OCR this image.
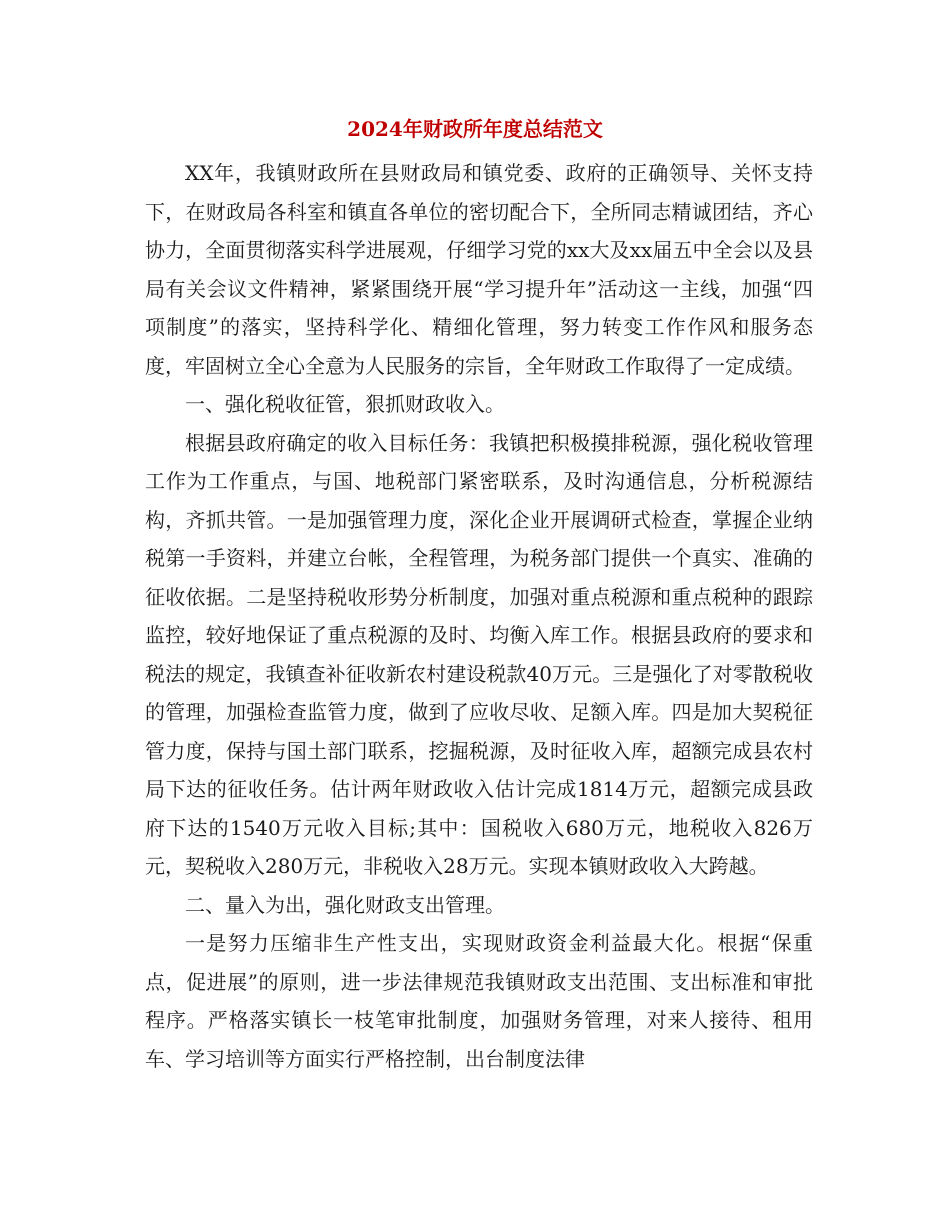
2024年财政所年度总结范文

XX年，我镇财政所在县财政局和镇党委、政府的正确领导、关怀支持下，在财政局各科室和镇直各单位的密切配合下，全所同志精诚团结，齐心协力，全面贯彻落实科学进展观，仔细学习党的xx大及xx届五中全会以及县局有关会议文件精神，紧紧围绕开展“学习提升年”活动这一主线，加强“四项制度”的落实，坚持科学化、精细化管理，努力转变工作作风和服务态度，牢固树立全心全意为人民服务的宗旨，全年财政工作取得了一定成绩。

一、强化税收征管，狠抓财政收入。

根据县政府确定的收入目标任务：我镇把积极摸排税源，强化税收管理工作为工作重点，与国、地税部门紧密联系，及时沟通信息，分析税源结构，齐抓共管。一是加强管理力度，深化企业开展调研式检查，掌握企业纳税第一手资料，并建立台帐，全程管理，为税务部门提供一个真实、准确的征收依据。二是坚持税收形势分析制度，加强对重点税源和重点税种的跟踪监控，较好地保证了重点税源的及时、均衡入库工作。根据县政府的要求和税法的规定，我镇查补征收新农村建设税款40万元。三是强化了对零散税收的管理，加强检查监管力度，做到了应收尽收、足额入库。四是加大契税征管力度，保持与国土部门联系，挖掘税源，及时征收入库，超额完成县农村局下达的征收任务。估计两年财政收入估计完成1814万元，超额完成县政府下达的1540万元收入目标;其中：国税收入680万元，地税收入826万元，契税收入280万元，非税收入28万元。实现本镇财政收入大跨越。

二、量入为出，强化财政支出管理。

一是努力压缩非生产性支出，实现财政资金利益最大化。根据“保重点，促进展”的原则，进一步法律规范我镇财政支出范围、支出标准和审批程序。严格落实镇长一枝笔审批制度，加强财务管理，对来人接待、租用车、学习培训等方面实行严格控制，出台制度法律
